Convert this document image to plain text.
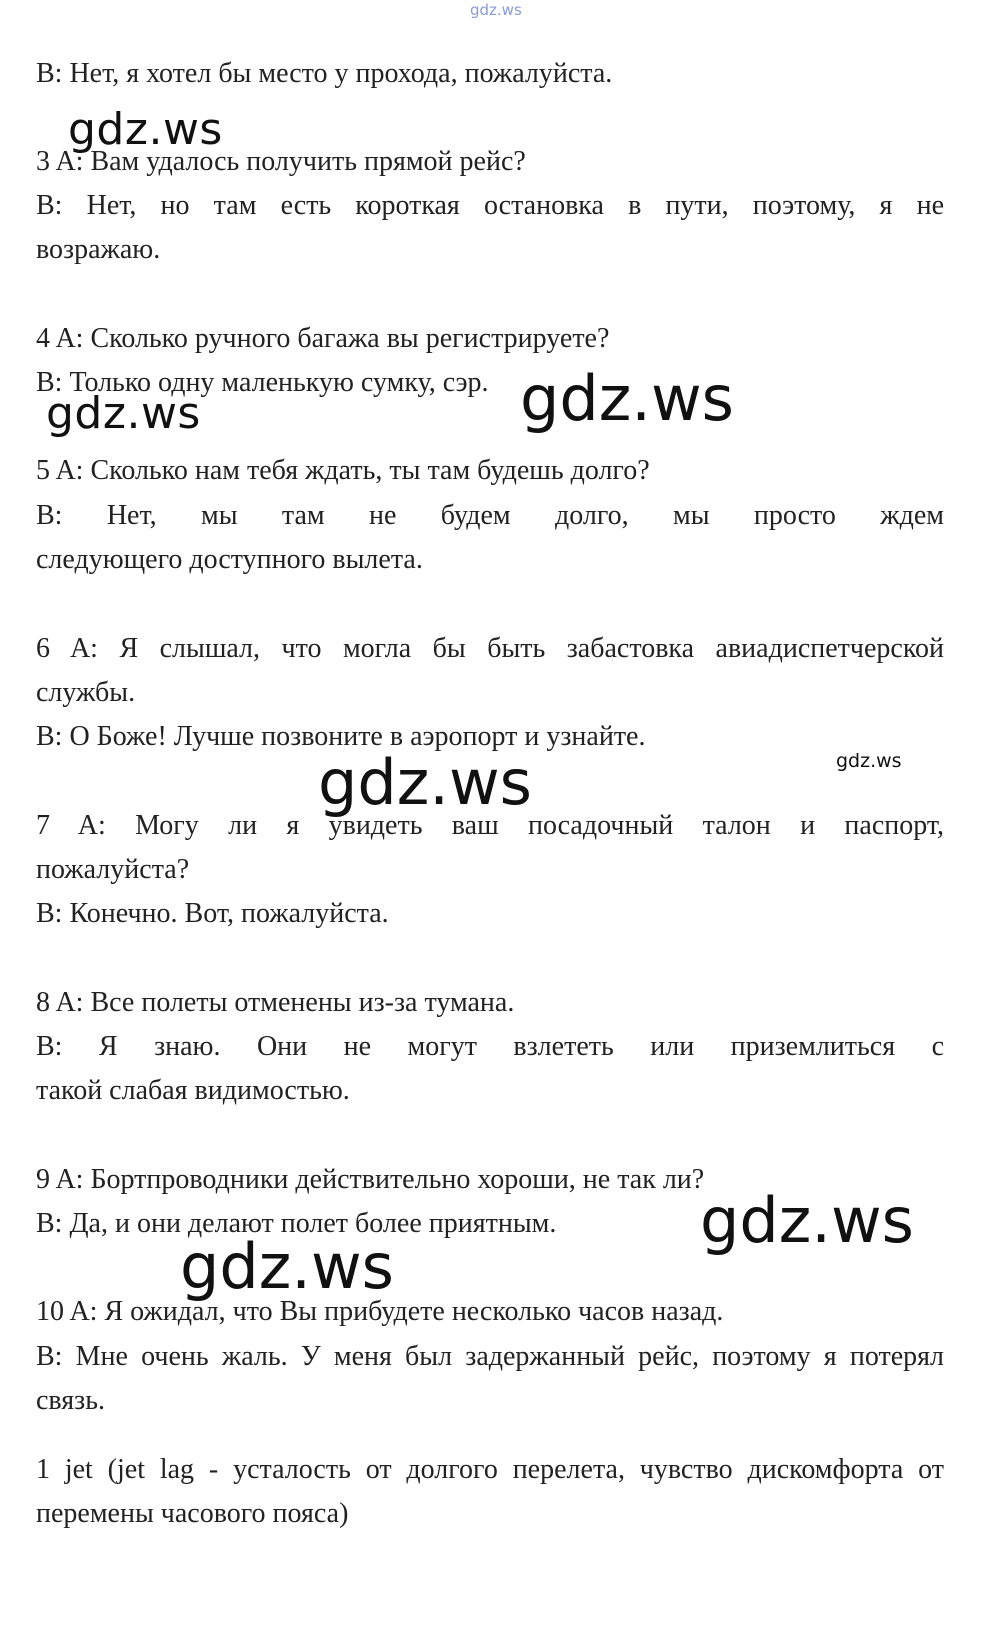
gdz.ws
B: Нет, я хотел бы место у прохода, пожалуйста.
gdz.ws
3 A: Вам удалось получить прямой рейс?
B: Нет, но там есть короткая остановка в пути, поэтому, я не
возражаю.
4 A: Сколько ручного багажа вы регистрируете?
B: Только одну маленькую сумку, сэр.
gdz.ws	gdz.ws
5 A: Сколько нам тебя ждать, ты там будешь долго?
B: Нет, мы там не будем долго, мы просто ждем
следующего доступного вылета.
6 A: Я слышал, что могла бы быть забастовка авиадиспетчерской
службы.
B: О Боже! Лучше позвоните в аэропорт и узнайте.
gdz.ws
gdz.ws
7 A: Могу ли я увидеть ваш посадочный талон и паспорт,
пожалуйста?
B: Конечно. Вот, пожалуйста.
8 A: Все полеты отменены из-за тумана.
B: Я знаю. Они не могут взлететь или приземлиться с
такой слабая видимостью.
9 A: Бортпроводники действительно хороши, не так ли?
B: Да, и они делают полет более приятным.	gdz.ws
gdz.ws
10 A: Я ожидал, что Вы прибудете несколько часов назад.
B: Мне очень жаль. У меня был задержанный рейс, поэтому я потерял
связь.
1 jet (jet lag - усталость от долгого перелета, чувство дискомфорта от
перемены часового пояса)
